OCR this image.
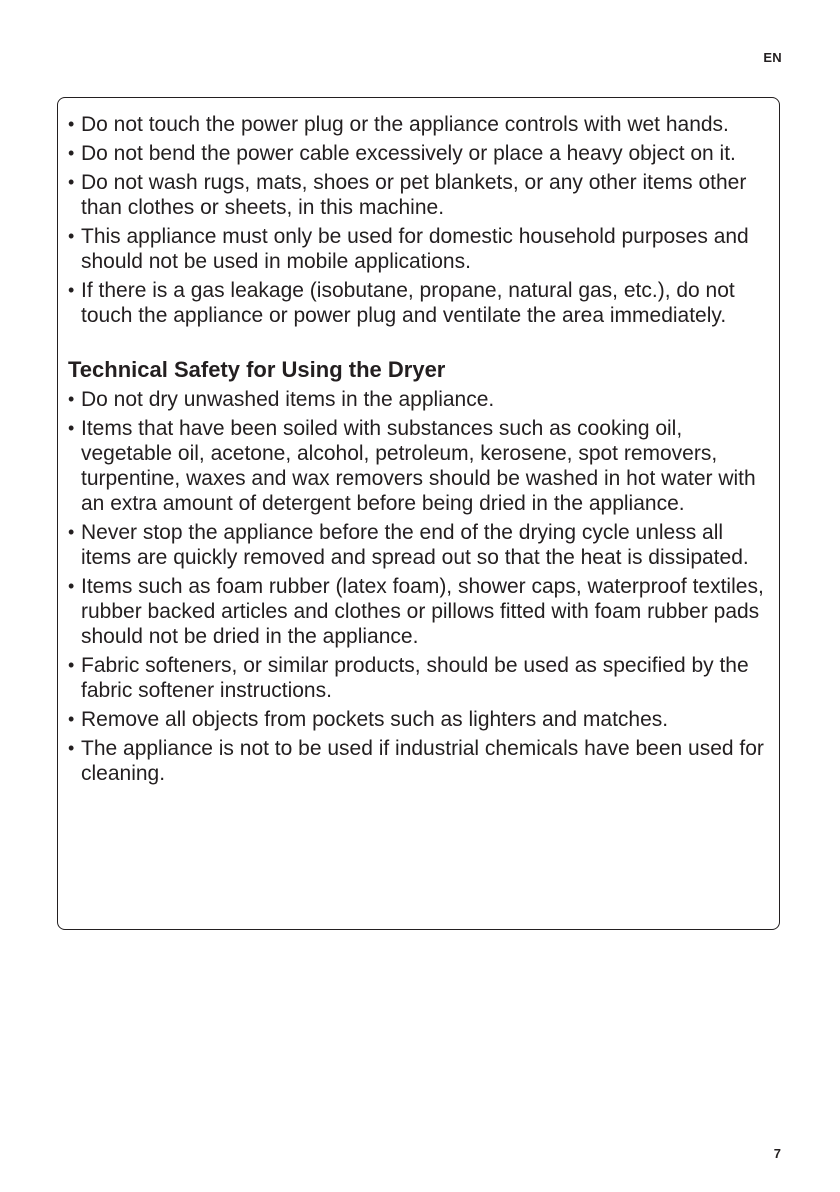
EN
• Do not touch the power plug or the appliance controls with wet hands.
• Do not bend the power cable excessively or place a heavy object on it.
• Do not wash rugs, mats, shoes or pet blankets, or any other items other than clothes or sheets, in this machine.
• This appliance must only be used for domestic household purposes and should not be used in mobile applications.
• If there is a gas leakage (isobutane, propane, natural gas, etc.), do not touch the appliance or power plug and ventilate the area immediately.
Technical Safety for Using the Dryer
• Do not dry unwashed items in the appliance.
• Items that have been soiled with substances such as cooking oil, vegetable oil, acetone, alcohol, petroleum, kerosene, spot removers, turpentine, waxes and wax removers should be washed in hot water with an extra amount of detergent before being dried in the appliance.
• Never stop the appliance before the end of the drying cycle unless all items are quickly removed and spread out so that the heat is dissipated.
• Items such as foam rubber (latex foam), shower caps, waterproof textiles, rubber backed articles and clothes or pillows fitted with foam rubber pads should not be dried in the appliance.
• Fabric softeners, or similar products, should be used as specified by the fabric softener instructions.
• Remove all objects from pockets such as lighters and matches.
• The appliance is not to be used if industrial chemicals have been used for cleaning.
7
